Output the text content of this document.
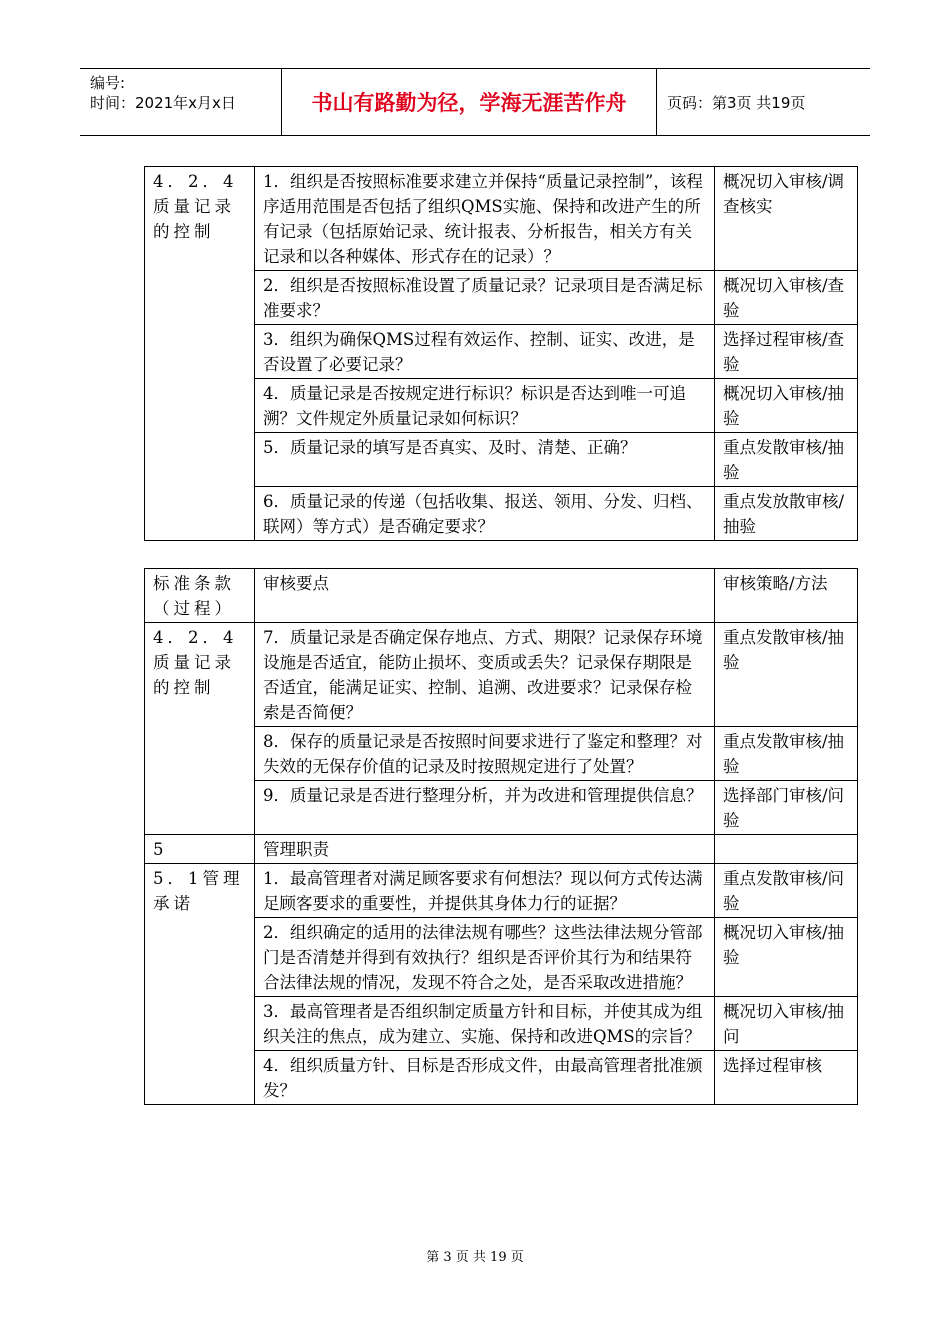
编号:
时间：2021年x月x日	书山有路勤为径，学海无涯苦作舟	页码：第3页 共19页
4．2．4质量记录的控制	1．组织是否按照标准要求建立并保持“质量记录控制”，该程序适用范围是否包括了组织QMS实施、保持和改进产生的所有记录（包括原始记录、统计报表、分析报告，相关方有关记录和以各种媒体、形式存在的记录）？	概况切入审核/调查核实
	2．组织是否按照标准设置了质量记录？记录项目是否满足标准要求？	概况切入审核/查验
	3．组织为确保QMS过程有效运作、控制、证实、改进，是否设置了必要记录？	选择过程审核/查验
	4．质量记录是否按规定进行标识？标识是否达到唯一可追溯？文件规定外质量记录如何标识？	概况切入审核/抽验
	5．质量记录的填写是否真实、及时、清楚、正确？	重点发散审核/抽验
	6．质量记录的传递（包括收集、报送、领用、分发、归档、联网）等方式）是否确定要求？	重点发放散审核/抽验
标准条款（过程）	审核要点	审核策略/方法
4．2．4质量记录的控制	7．质量记录是否确定保存地点、方式、期限？记录保存环境设施是否适宜，能防止损坏、变质或丢失？记录保存期限是否适宜，能满足证实、控制、追溯、改进要求？记录保存检索是否简便？	重点发散审核/抽验
	8．保存的质量记录是否按照时间要求进行了鉴定和整理？对失效的无保存价值的记录及时按照规定进行了处置？	重点发散审核/抽验
	9．质量记录是否进行整理分析，并为改进和管理提供信息？	选择部门审核/问验
5	管理职责	
5．1管理承诺	1．最高管理者对满足顾客要求有何想法？现以何方式传达满足顾客要求的重要性，并提供其身体力行的证据？	重点发散审核/问验
	2．组织确定的适用的法律法规有哪些？这些法律法规分管部门是否清楚并得到有效执行？组织是否评价其行为和结果符合法律法规的情况，发现不符合之处，是否采取改进措施？	概况切入审核/抽验
	3．最高管理者是否组织制定质量方针和目标，并使其成为组织关注的焦点，成为建立、实施、保持和改进QMS的宗旨？	概况切入审核/抽问
	4．组织质量方针、目标是否形成文件，由最高管理者批准颁发？	选择过程审核
第 3 页 共 19 页
